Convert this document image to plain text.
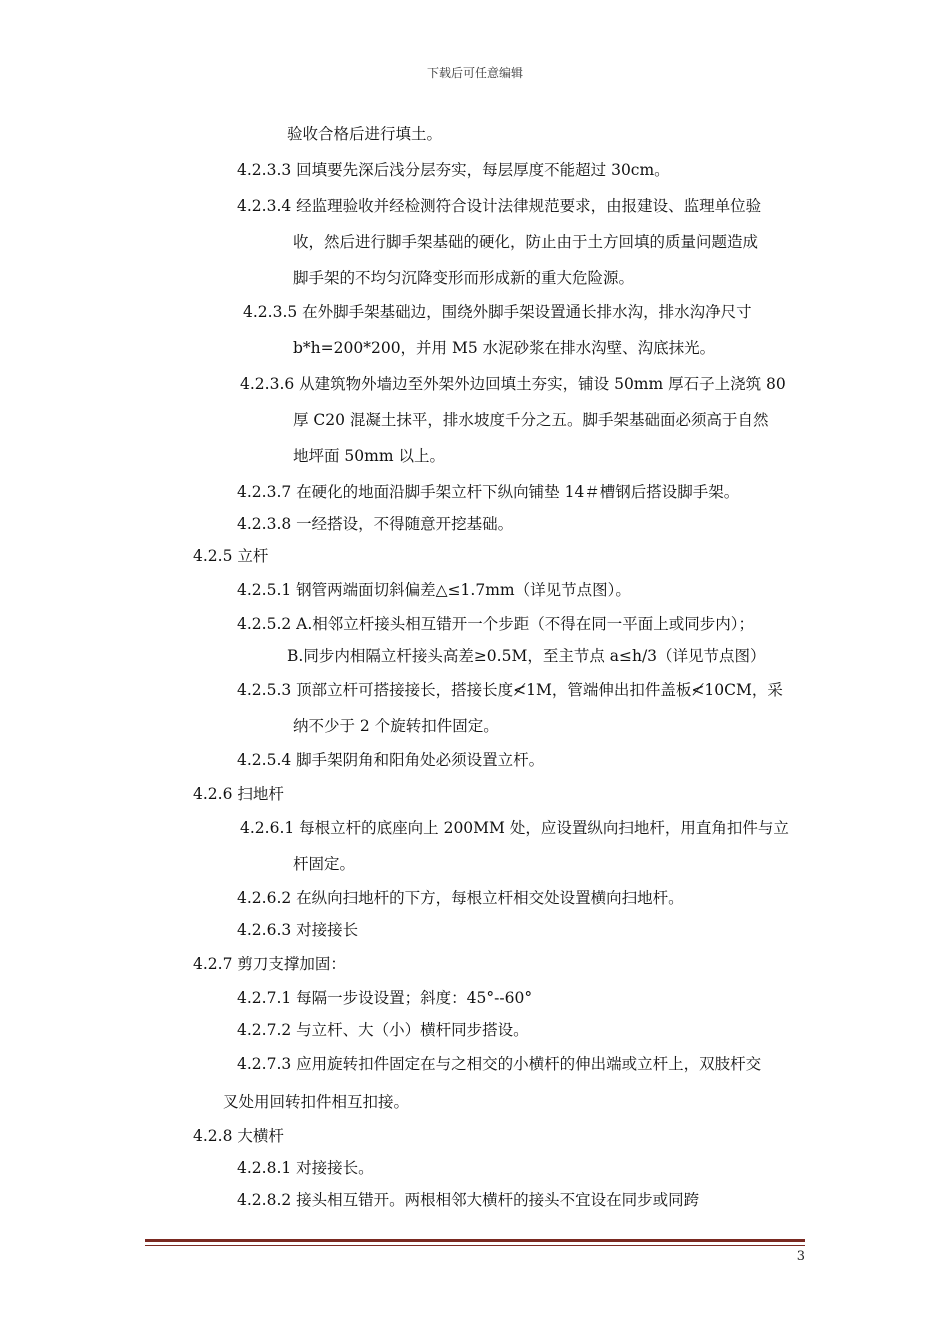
下载后可任意编辑
验收合格后进行填土。
4.2.3.3 回填要先深后浅分层夯实，每层厚度不能超过 30cm。
4.2.3.4 经监理验收并经检测符合设计法律规范要求，由报建设、监理单位验
收，然后进行脚手架基础的硬化，防止由于土方回填的质量问题造成
脚手架的不均匀沉降变形而形成新的重大危险源。
4.2.3.5 在外脚手架基础边，围绕外脚手架设置通长排水沟，排水沟净尺寸
b*h=200*200，并用 M5 水泥砂浆在排水沟壁、沟底抹光。
4.2.3.6 从建筑物外墙边至外架外边回填土夯实，铺设 50mm 厚石子上浇筑 80
厚 C20 混凝土抹平，排水坡度千分之五。脚手架基础面必须高于自然
地坪面 50mm 以上。
4.2.3.7 在硬化的地面沿脚手架立杆下纵向铺垫 14＃槽钢后搭设脚手架。
4.2.3.8 一经搭设，不得随意开挖基础。
4.2.5 立杆
4.2.5.1 钢管两端面切斜偏差△≤1.7mm（详见节点图）。
4.2.5.2 A.相邻立杆接头相互错开一个步距（不得在同一平面上或同步内）；
B.同步内相隔立杆接头高差≥0.5M，至主节点 a≤h/3（详见节点图）
4.2.5.3 顶部立杆可搭接接长，搭接长度≮1M，管端伸出扣件盖板≮10CM，采
纳不少于 2 个旋转扣件固定。
4.2.5.4 脚手架阴角和阳角处必须设置立杆。
4.2.6 扫地杆
4.2.6.1 每根立杆的底座向上 200MM 处，应设置纵向扫地杆，用直角扣件与立
杆固定。
4.2.6.2 在纵向扫地杆的下方，每根立杆相交处设置横向扫地杆。
4.2.6.3 对接接长
4.2.7 剪刀支撑加固：
4.2.7.1 每隔一步设设置；斜度：45°--60°
4.2.7.2 与立杆、大（小）横杆同步搭设。
4.2.7.3 应用旋转扣件固定在与之相交的小横杆的伸出端或立杆上，双肢杆交
叉处用回转扣件相互扣接。
4.2.8 大横杆
4.2.8.1 对接接长。
4.2.8.2 接头相互错开。两根相邻大横杆的接头不宜设在同步或同跨
3
